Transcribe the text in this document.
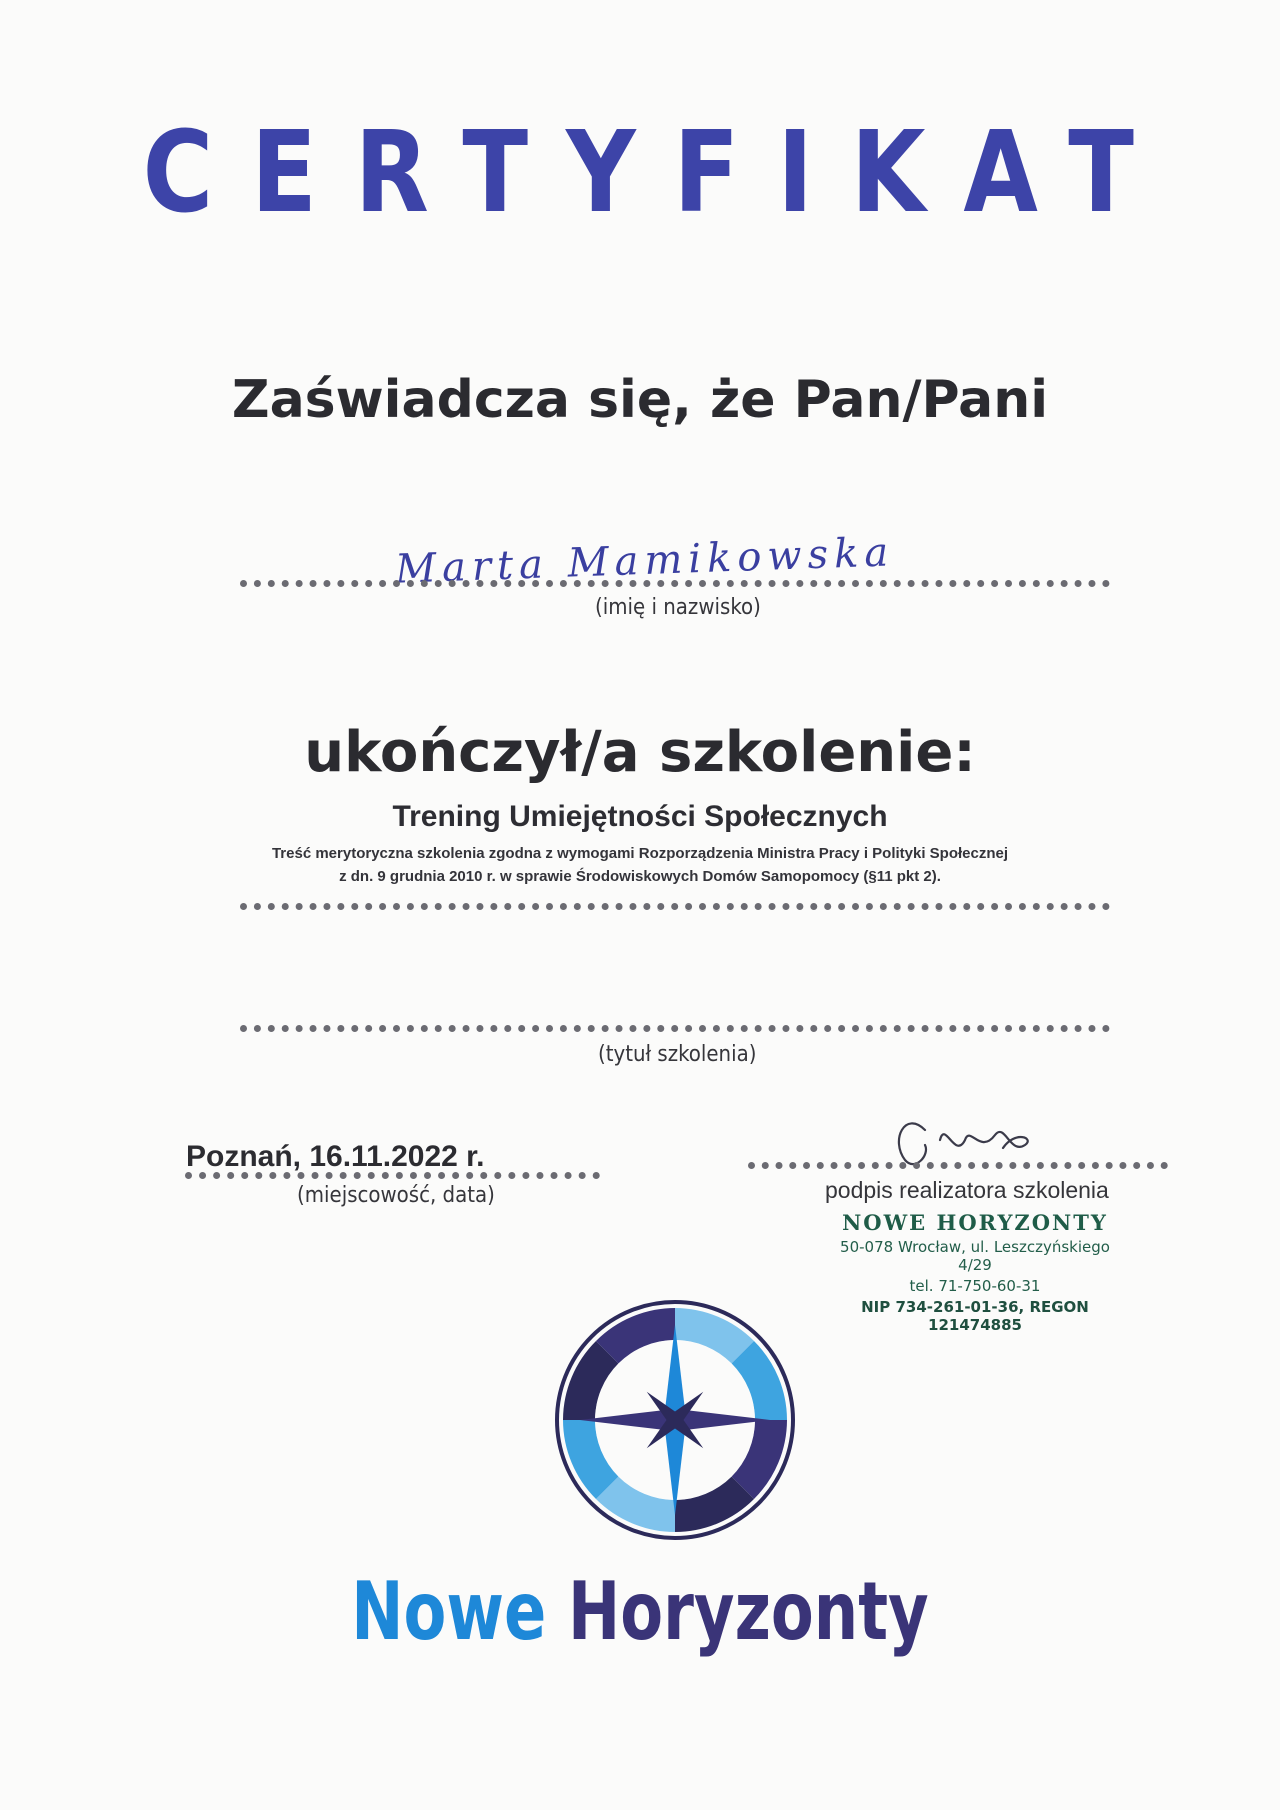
CERTYFIKAT
Zaświadcza się, że Pan/Pani
Marta Mamikowska
(imię i nazwisko)
ukończył/a szkolenie:
Trening Umiejętności Społecznych
Treść merytoryczna szkolenia zgodna z wymogami Rozporządzenia Ministra Pracy i Polityki Społecznej
z dn. 9 grudnia 2010 r. w sprawie Środowiskowych Domów Samopomocy (§11 pkt 2).
(tytuł szkolenia)
Poznań, 16.11.2022 r.
(miejscowość, data)	podpis realizatora szkolenia
NOWE HORYZONTY
50-078 Wrocław, ul. Leszczyńskiego 4/29
tel. 71-750-60-31
NIP 734-261-01-36, REGON 121474885
Nowe Horyzonty
